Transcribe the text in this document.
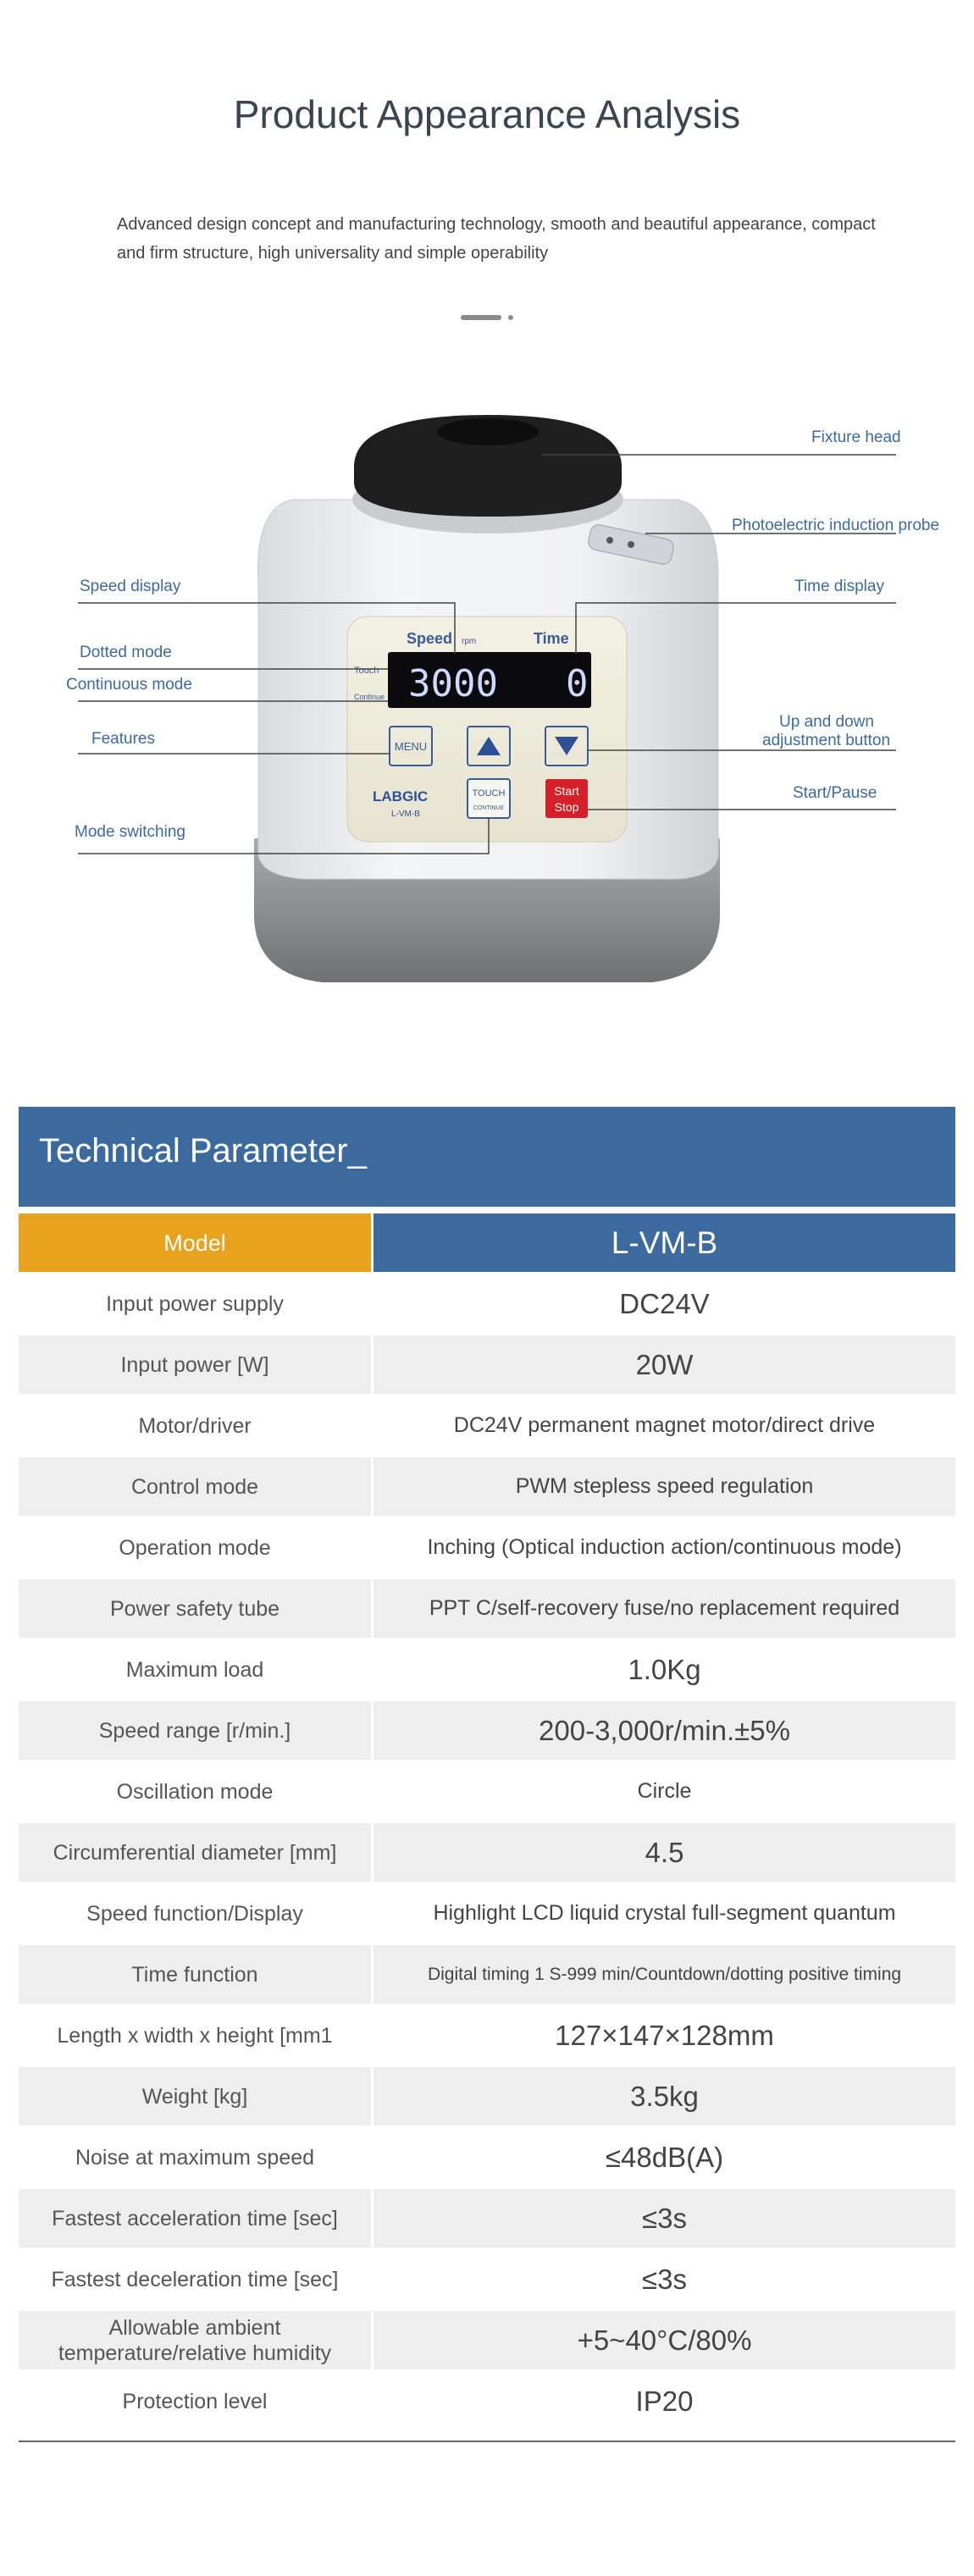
Product Appearance Analysis

Advanced design concept and manufacturing technology, smooth and beautiful appearance, compact and firm structure, high universality and simple operability

Speed rpm	Time
Touch
Continue 3000 0
MENU
LABGIC
L-VM-B
TOUCH
CONTINUE
Start
Stop
Fixture head
Photoelectric induction probe
Speed display	Time display
Dotted mode
Continuous mode
Features
Up and down
adjustment button
Start/Pause
Mode switching
Technical Parameter_
Model	L-VM-B
Input power supply	DC24V
Input power [W]	20W
Motor/driver	DC24V permanent magnet motor/direct drive
Control mode	PWM stepless speed regulation
Operation mode	Inching (Optical induction action/continuous mode)
Power safety tube	PPT C/self-recovery fuse/no replacement required
Maximum load	1.0Kg
Speed range [r/min.]	200-3,000r/min.±5%
Oscillation mode	Circle
Circumferential diameter [mm]	4.5
Speed function/Display	Highlight LCD liquid crystal full-segment quantum
Time function	Digital timing 1 S-999 min/Countdown/dotting positive timing
Length x width x height [mm1	127×147×128mm
Weight [kg]	3.5kg
Noise at maximum speed	≤48dB(A)
Fastest acceleration time [sec]	≤3s
Fastest deceleration time [sec]	≤3s
Allowable ambient temperature/relative humidity	+5~40°C/80%
Protection level	IP20
